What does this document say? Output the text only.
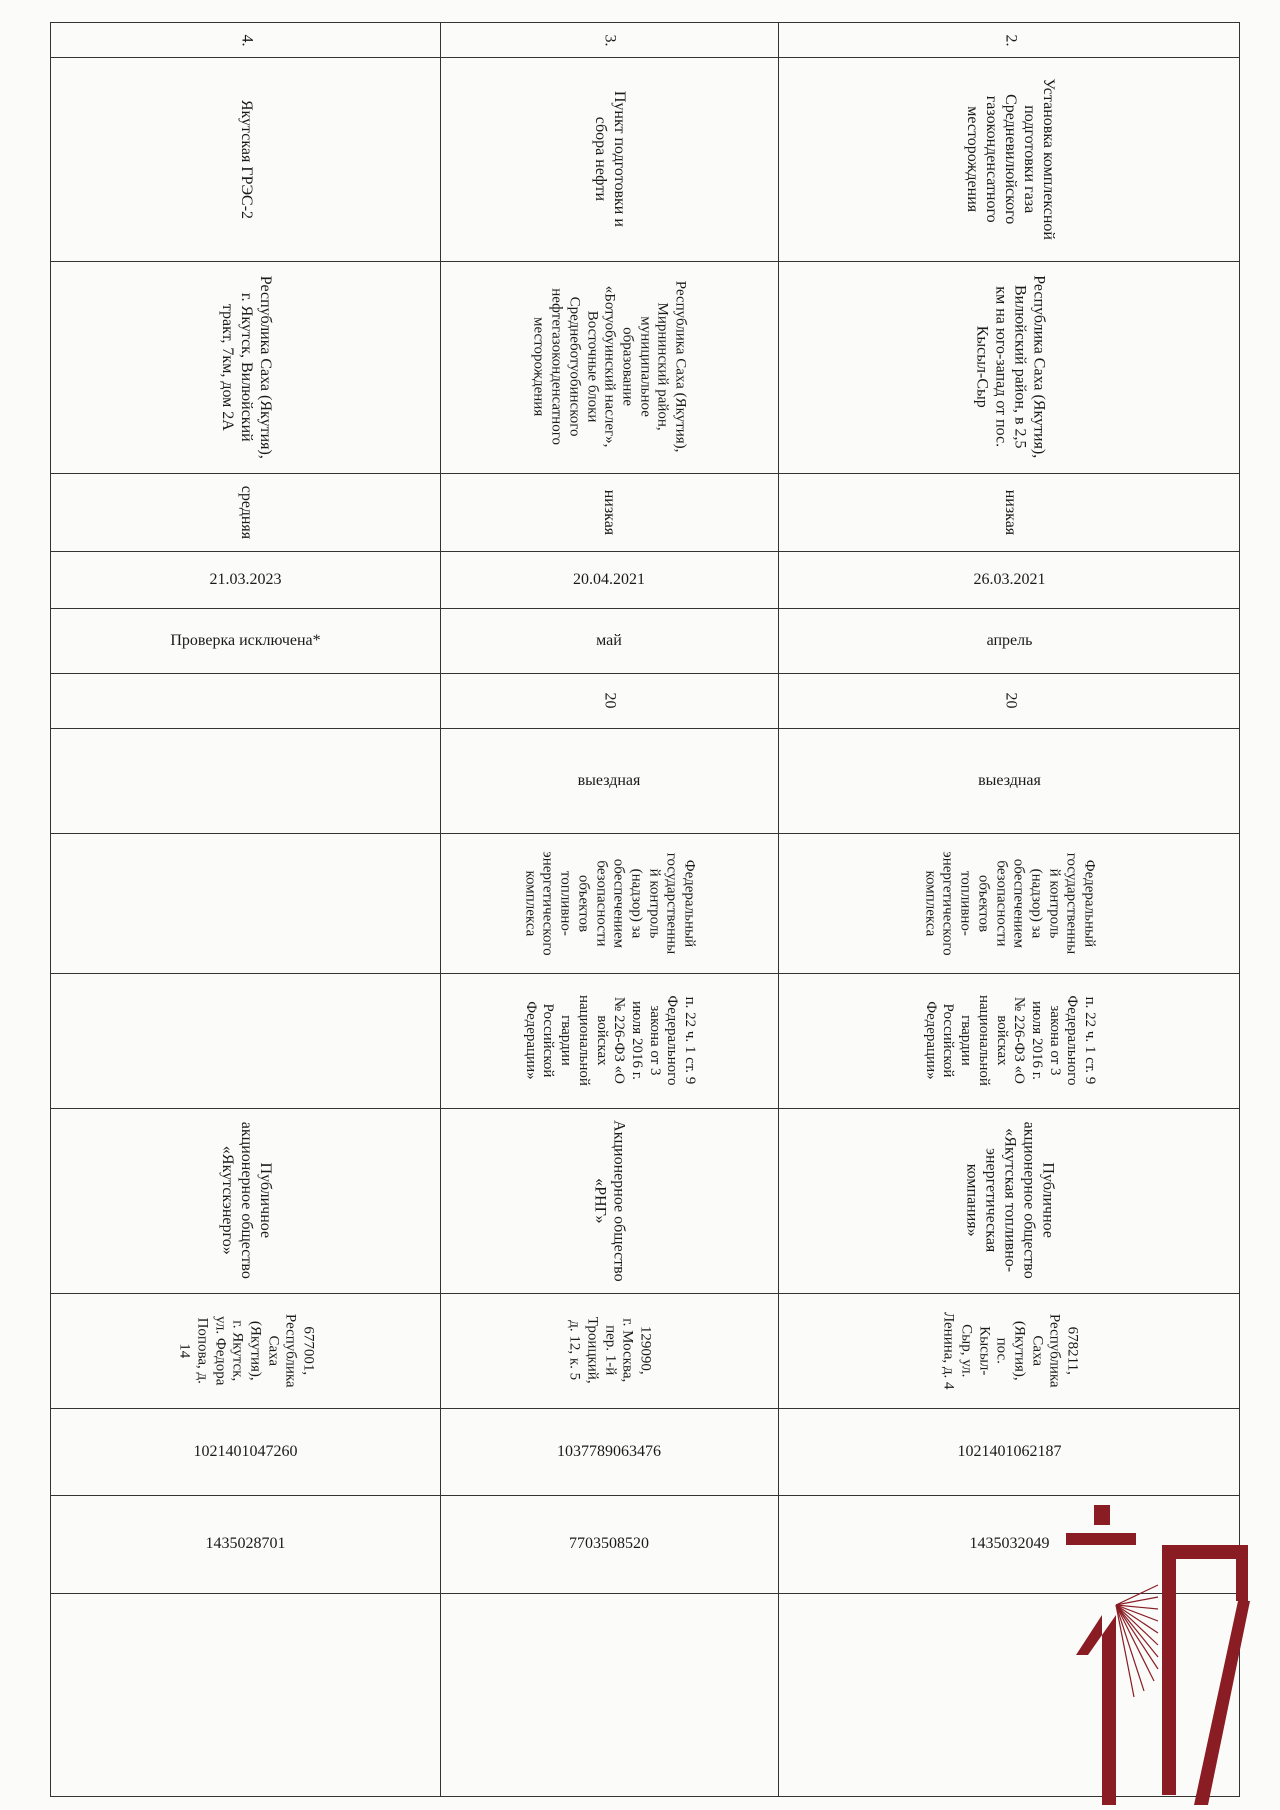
2.
Установка комплексной
подготовки газа
Средневилюйского
газоконденсатного
месторождения
Республика Саха (Якутия),
Вилюйский район, в 2,5
км на юго-запад от пос.
Кысыл-Сыр
низкая
26.03.2021
апрель
20
выездная
Федеральный
государственны
й контроль
(надзор) за
обеспечением
безопасности
объектов
топливно-
энергетического
комплекса
п. 22 ч. 1 ст. 9
Федерального
закона от 3
июля 2016 г.
№ 226-ФЗ «О
войсках
национальной
гвардии
Российской
Федерации»
Публичное
акционерное общество
«Якутская топливно-
энергетическая
компания»
678211,
Республика
Саха
(Якутия),
пос.
Кысыл-
Сыр, ул.
Ленина, д. 4
1021401062187
1435032049
3.
Пункт подготовки и
сбора нефти
Республика Саха (Якутия),
Мирнинский район,
муниципальное
образование
«Ботуобуинский наслег»,
Восточные блоки
Среднеботуобинского
нефтегазоконденсатного
месторождения
низкая
20.04.2021
май
20
выездная
Федеральный
государственны
й контроль
(надзор) за
обеспечением
безопасности
объектов
топливно-
энергетического
комплекса
п. 22 ч. 1 ст. 9
Федерального
закона от 3
июля 2016 г.
№ 226-ФЗ «О
войсках
национальной
гвардии
Российской
Федерации»
Акционерное общество
«РНГ»
129090,
г. Москва,
пер. 1-й
Троицкий,
д. 12, к. 5
1037789063476
7703508520
4.
Якутская ГРЭС-2
Республика Саха (Якутия),
г. Якутск, Вилюйский
тракт, 7км, дом 2А
средняя
21.03.2023
Проверка исключена*
Публичное
акционерное общество
«Якутскэнерго»
677001,
Республика
Саха
(Якутия),
г. Якутск,
ул. Федора
Попова, д.
14
1021401047260
1435028701
